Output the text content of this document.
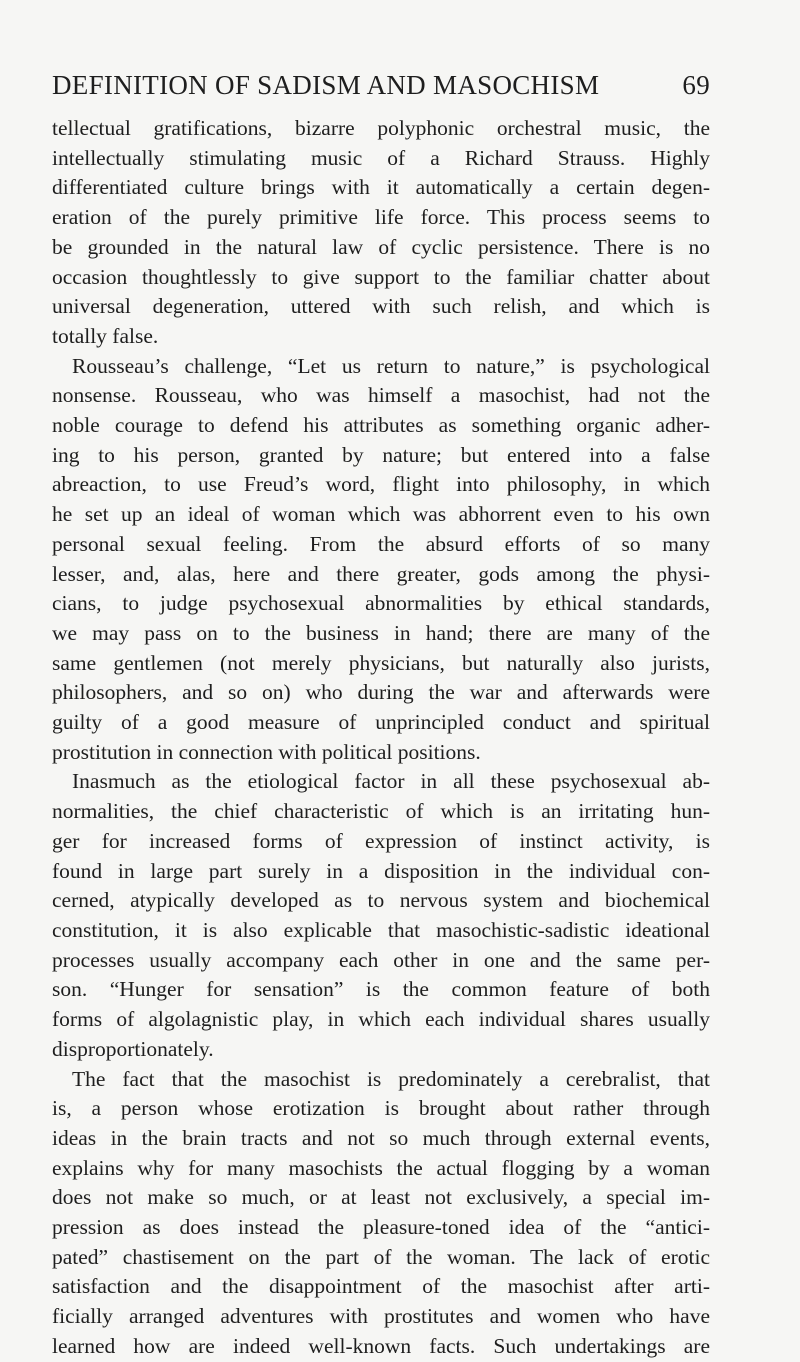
DEFINITION OF SADISM AND MASOCHISM	69

tellectual gratifications, bizarre polyphonic orchestral music, the
intellectually stimulating music of a Richard Strauss. Highly
differentiated culture brings with it automatically a certain degen-
eration of the purely primitive life force. This process seems to
be grounded in the natural law of cyclic persistence. There is no
occasion thoughtlessly to give support to the familiar chatter about
universal degeneration, uttered with such relish, and which is
totally false.

Rousseau’s challenge, “Let us return to nature,” is psychological
nonsense. Rousseau, who was himself a masochist, had not the
noble courage to defend his attributes as something organic adher-
ing to his person, granted by nature; but entered into a false
abreaction, to use Freud’s word, flight into philosophy, in which
he set up an ideal of woman which was abhorrent even to his own
personal sexual feeling. From the absurd efforts of so many
lesser, and, alas, here and there greater, gods among the physi-
cians, to judge psychosexual abnormalities by ethical standards,
we may pass on to the business in hand; there are many of the
same gentlemen (not merely physicians, but naturally also jurists,
philosophers, and so on) who during the war and afterwards were
guilty of a good measure of unprincipled conduct and spiritual
prostitution in connection with political positions.

Inasmuch as the etiological factor in all these psychosexual ab-
normalities, the chief characteristic of which is an irritating hun-
ger for increased forms of expression of instinct activity, is
found in large part surely in a disposition in the individual con-
cerned, atypically developed as to nervous system and biochemical
constitution, it is also explicable that masochistic-sadistic ideational
processes usually accompany each other in one and the same per-
son. “Hunger for sensation” is the common feature of both
forms of algolagnistic play, in which each individual shares usually
disproportionately.

The fact that the masochist is predominately a cerebralist, that
is, a person whose erotization is brought about rather through
ideas in the brain tracts and not so much through external events,
explains why for many masochists the actual flogging by a woman
does not make so much, or at least not exclusively, a special im-
pression as does instead the pleasure-toned idea of the “antici-
pated” chastisement on the part of the woman. The lack of erotic
satisfaction and the disappointment of the masochist after arti-
ficially arranged adventures with prostitutes and women who have
learned how are indeed well-known facts. Such undertakings are
